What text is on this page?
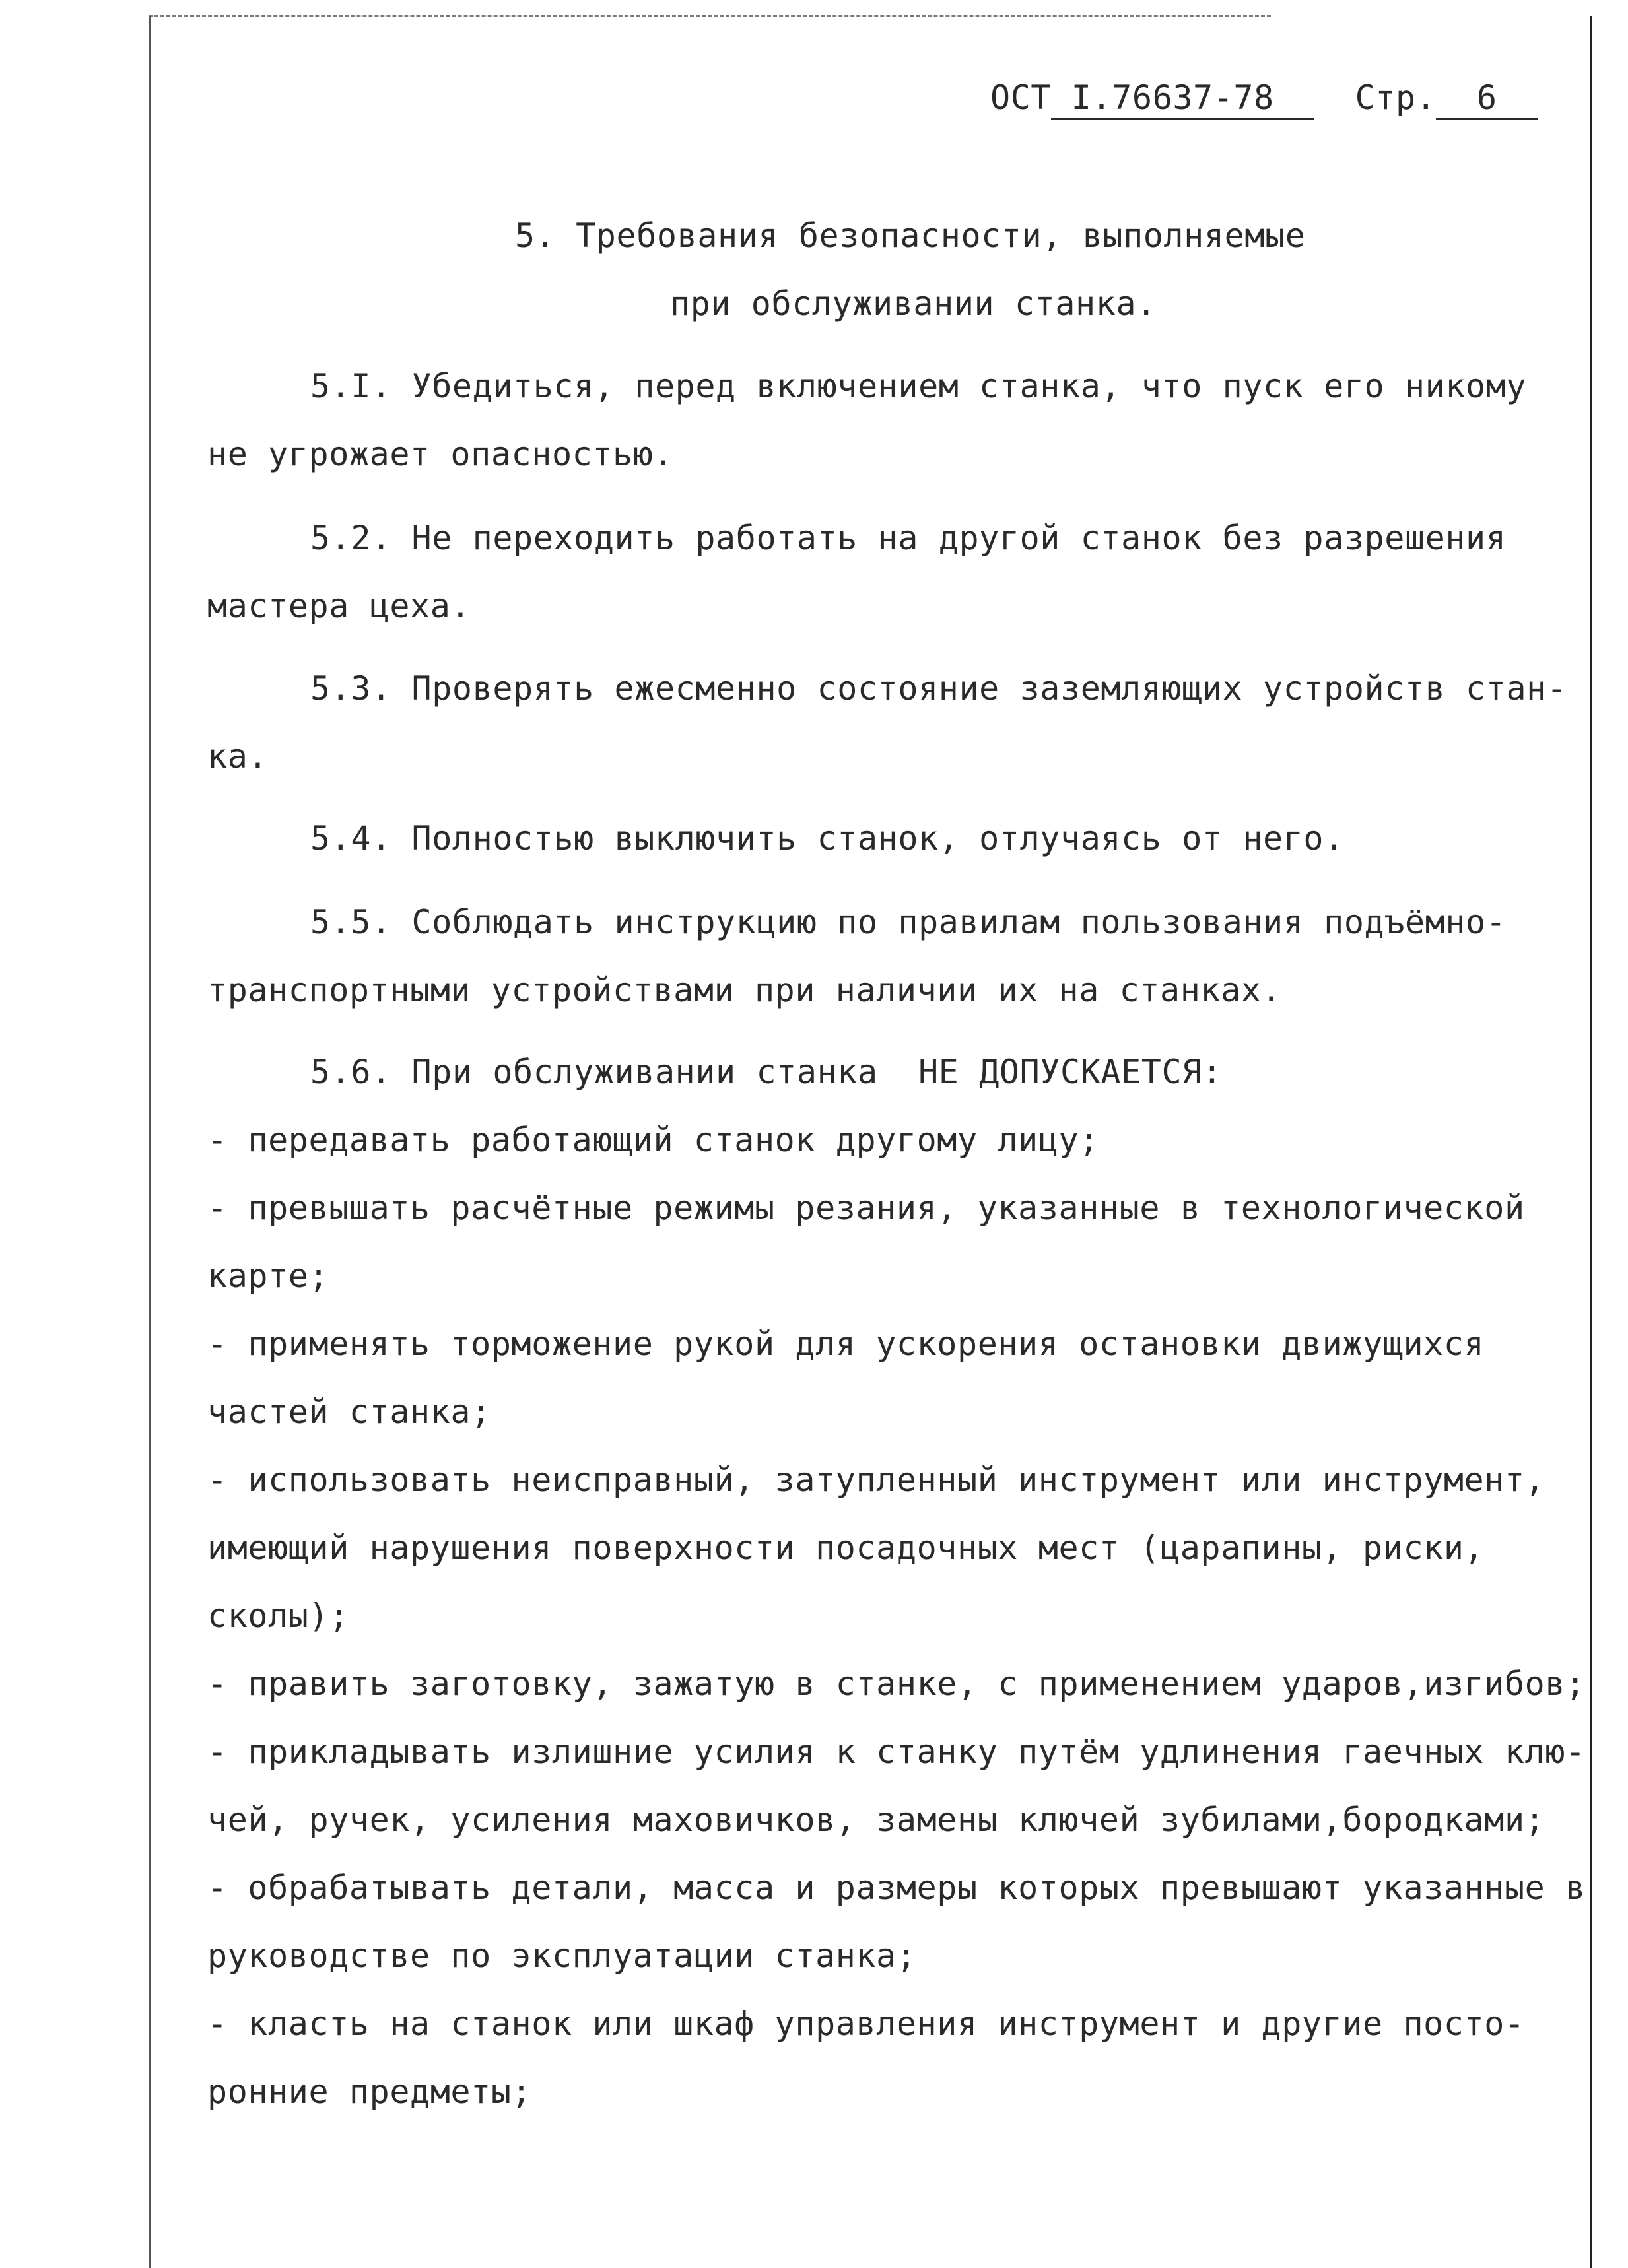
ОСТ I.76637-78    Стр.  6
5. Требования безопасности, выполняемые
при обслуживании станка.
5.I. Убедиться, перед включением станка, что пуск его никому
не угрожает опасностью.
5.2. Не переходить работать на другой станок без разрешения
мастера цеха.
5.3. Проверять ежесменно состояние заземляющих устройств стан-
ка.
5.4. Полностью выключить станок, отлучаясь от него.
5.5. Соблюдать инструкцию по правилам пользования подъёмно-
транспортными устройствами при наличии их на станках.
5.6. При обслуживании станка  НЕ ДОПУСКАЕТСЯ:
- передавать работающий станок другому лицу;
- превышать расчётные режимы резания, указанные в технологической
карте;
- применять торможение рукой для ускорения остановки движущихся
частей станка;
- использовать неисправный, затупленный инструмент или инструмент,
имеющий нарушения поверхности посадочных мест (царапины, риски,
сколы);
- править заготовку, зажатую в станке, с применением ударов,изгибов;
- прикладывать излишние усилия к станку путём удлинения гаечных клю-
чей, ручек, усиления маховичков, замены ключей зубилами,бородками;
- обрабатывать детали, масса и размеры которых превышают указанные в
руководстве по эксплуатации станка;
- класть на станок или шкаф управления инструмент и другие посто-
ронние предметы;
